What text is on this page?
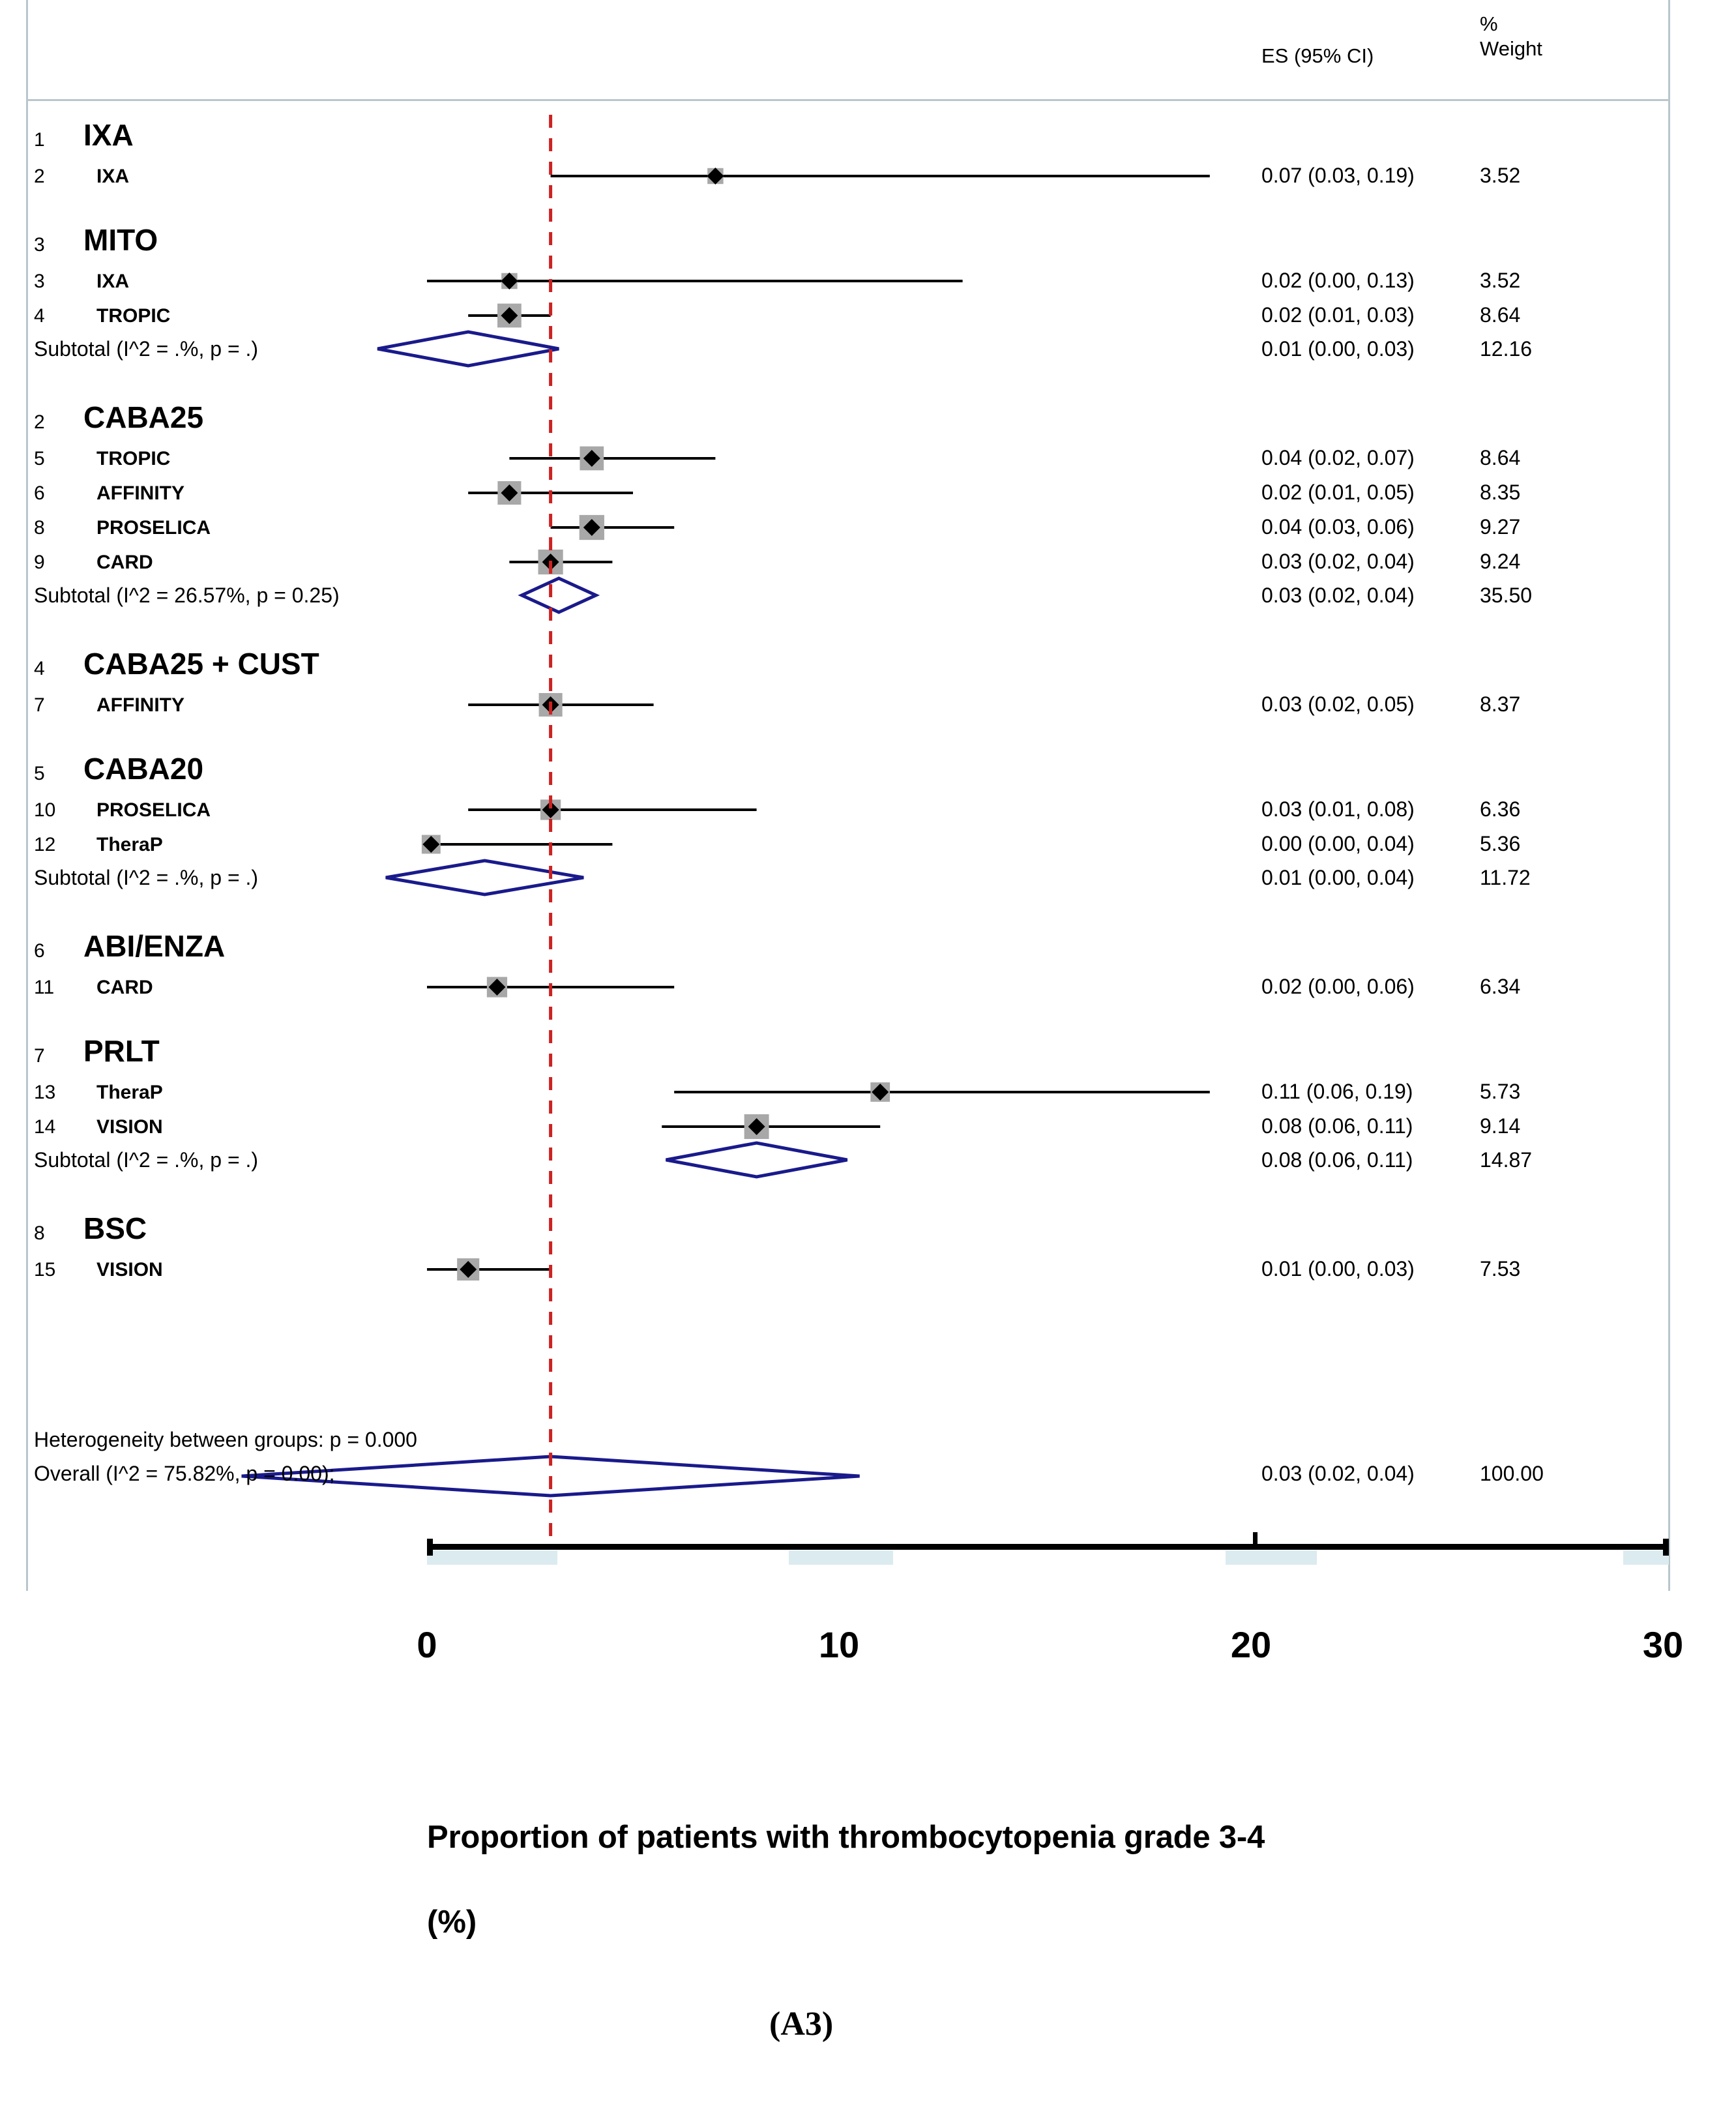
ES (95% CI)
%
Weight
1 IXA
2	IXA	0.07 (0.03, 0.19)	3.52
3 MITO
3	IXA	0.02 (0.00, 0.13)	3.52
4	TROPIC	0.02 (0.01, 0.03)	8.64
Subtotal (I^2 = .%, p = .)	0.01 (0.00, 0.03)	12.16
2 CABA25
5	TROPIC	0.04 (0.02, 0.07)	8.64
6	AFFINITY	0.02 (0.01, 0.05)	8.35
8	PROSELICA	0.04 (0.03, 0.06)	9.27
9	CARD	0.03 (0.02, 0.04)	9.24
Subtotal (I^2 = 26.57%, p = 0.25)	0.03 (0.02, 0.04)	35.50
4 CABA25 + CUST
7	AFFINITY	0.03 (0.02, 0.05)	8.37
5 CABA20
10 PROSELICA	0.03 (0.01, 0.08)	6.36
12 TheraP	0.00 (0.00, 0.04)	5.36
Subtotal (I^2 = .%, p = .)	0.01 (0.00, 0.04)	11.72
6 ABI/ENZA
11 CARD	0.02 (0.00, 0.06)	6.34
7 PRLT
13 TheraP	0.11 (0.06, 0.19)	5.73
14 VISION	0.08 (0.06, 0.11)	9.14
Subtotal (I^2 = .%, p = .)	0.08 (0.06, 0.11)	14.87
8 BSC
15 VISION	0.01 (0.00, 0.03)	7.53
Heterogeneity between groups: p = 0.000
Overall (I^2 = 75.82%, p = 0.00);	0.03 (0.02, 0.04)	100.00
0	10	20	30
Proportion of patients with thrombocytopenia grade 3-4
(%)
(A3)
